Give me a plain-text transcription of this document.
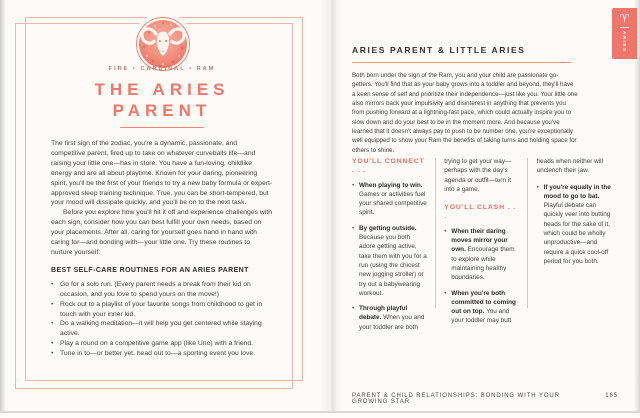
FIRE • CARDINAL • RAM
THE ARIES
PARENT

The first sign of the zodiac, you're a dynamic, passionate, and competitive parent, fired up to take on whatever curveballs life—and raising your little one—has in store. You have a fun-loving, childlike energy and are all about playtime. Known for your daring, pioneering spirit, you'll be the first of your friends to try a new baby formula or expert-approved sleep training technique. True, you can be short-tempered, but your mood will dissipate quickly, and you'll be on to the next task.

Before you explore how you'll hit it off and experience challenges with each sign, consider how you can best fulfill your own needs, based on your placements. After all, caring for yourself goes hand in hand with caring for—and bonding with—your little one. Try these routines to nurture yourself:

BEST SELF-CARE ROUTINES FOR AN ARIES PARENT
• Go for a solo run. (Every parent needs a break from their kid on occasion, and you love to spend yours on the move!)
• Rock out to a playlist of your favorite songs from childhood to get in touch with your inner kid.
• Do a walking meditation—it will help you get centered while staying active.
• Play a round on a competitive game app (like Uno) with a friend.
• Tune in to—or better yet, head out to—a sporting event you love.
ARIES PARENT & LITTLE ARIES

Both born under the sign of the Ram, you and your child are passionate go-getters. You'll find that as your baby grows into a toddler and beyond, they'll have a keen sense of self and prioritize their independence—just like you. Your little one also mirrors back your impulsivity and disinterest in anything that prevents you from pushing forward at a lightning-fast pace, which could actually inspire you to slow down and do your best to be in the moment more. And because you've learned that it doesn't always pay to push to be number one, you're exceptionally well equipped to show your Ram the benefits of taking turns and holding space for others to shine.

YOU'LL CONNECT . . .
• When playing to win. Games or activities fuel your shared competitive spirit.
• By getting outside. Because you both adore getting active, take them with you for a run (using the chicest new jogging stroller) or try out a babywearing workout.
• Through playful debate. When you and your toddler are both
trying to get your way—perhaps with the day's agenda or outfit—turn it into a game.
YOU'LL CLASH . . .
• When their daring moves mirror your own. Encourage them to explore while maintaining healthy boundaries.
• When you're both committed to coming out on top. You and your toddler may butt
heads when neither will unclench their jaw.
• If you're equally in the mood to go to bat. Playful debate can quickly veer into butting heads for the sake of it, which could be wholly unproductive—and require a quick cool-off period for you both.
PARENT & CHILD RELATIONSHIPS: BONDING WITH YOUR GROWING STAR
165
♈
ARIES
